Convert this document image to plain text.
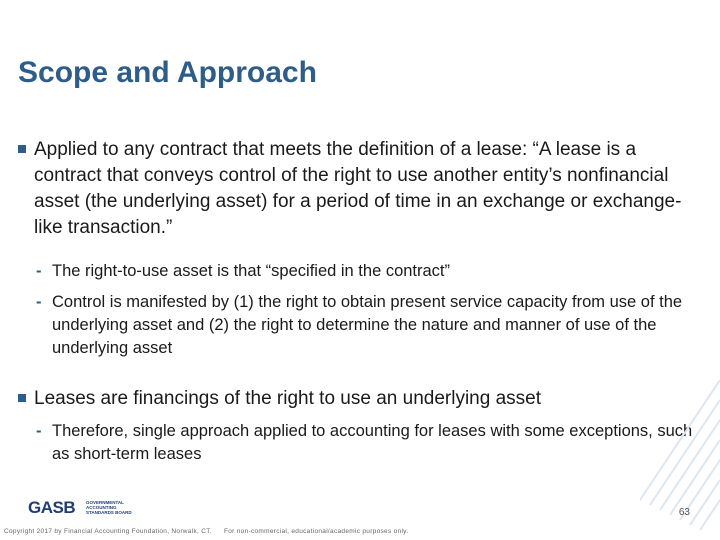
Scope and Approach
Applied to any contract that meets the definition of a lease: “A lease is a contract that conveys control of the right to use another entity’s nonfinancial asset (the underlying asset) for a period of time in an exchange or exchange-like transaction.”
- The right-to-use asset is that “specified in the contract”
- Control is manifested by (1) the right to obtain present service capacity from use of the underlying asset and (2) the right to determine the nature and manner of use of the underlying asset
Leases are financings of the right to use an underlying asset
- Therefore, single approach applied to accounting for leases with some exceptions, such as short-term leases
GASB GOVERNMENTAL
ACCOUNTING
STANDARDS BOARD	63
Copyright 2017 by Financial Accounting Foundation, Norwalk, CT. For non-commercial, educational/academic purposes only.
